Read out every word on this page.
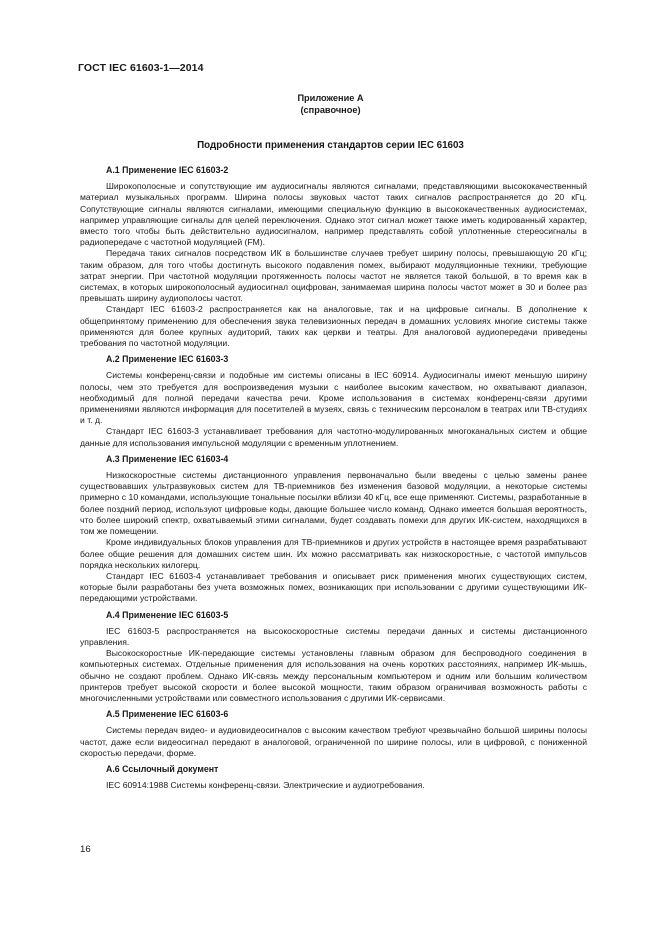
ГОСТ IEC 61603-1—2014
Приложение А
(справочное)
Подробности применения стандартов серии IEC 61603
А.1 Применение IEC 61603-2

Широкополосные и сопутствующие им аудиосигналы являются сигналами, представляющими высококачественный материал музыкальных программ. Ширина полосы звуковых частот таких сигналов распространяется до 20 кГц. Сопутствующие сигналы являются сигналами, имеющими специальную функцию в высококачественных аудиосистемах, например управляющие сигналы для целей переключения. Однако этот сигнал может также иметь кодированный характер, вместо того чтобы быть действительно аудиосигналом, например представлять собой уплотненные стереосигналы в радиопередаче с частотной модуляцией (FM).

Передача таких сигналов посредством ИК в большинстве случаев требует ширину полосы, превышающую 20 кГц; таким образом, для того чтобы достигнуть высокого подавления помех, выбирают модуляционные техники, требующие затрат энергии. При частотной модуляции протяженность полосы частот не является такой большой, в то время как в системах, в которых широкополосный аудиосигнал оцифрован, занимаемая ширина полосы частот может в 30 и более раз превышать ширину аудиополосы частот.

Стандарт IEC 61603-2 распространяется как на аналоговые, так и на цифровые сигналы. В дополнение к общепринятому применению для обеспечения звука телевизионных передач в домашних условиях многие системы также применяются для более крупных аудиторий, таких как церкви и театры. Для аналоговой аудиопередачи приведены требования по частотной модуляции.

А.2 Применение IEC 61603-3

Системы конференц-связи и подобные им системы описаны в IEC 60914. Аудиосигналы имеют меньшую ширину полосы, чем это требуется для воспроизведения музыки с наиболее высоким качеством, но охватывают диапазон, необходимый для полной передачи качества речи. Кроме использования в системах конференц-связи другими применениями являются информация для посетителей в музеях, связь с техническим персоналом в театрах или ТВ-студиях и т. д.

Стандарт IEC 61603-3 устанавливает требования для частотно-модулированных многоканальных систем и общие данные для использования импульсной модуляции с временным уплотнением.

А.3 Применение IEC 61603-4

Низкоскоростные системы дистанционного управления первоначально были введены с целью замены ранее существовавших ультразвуковых систем для ТВ-приемников без изменения базовой модуляции, а некоторые системы примерно с 10 командами, использующие тональные посылки вблизи 40 кГц, все еще применяют. Системы, разработанные в более поздний период, используют цифровые коды, дающие большее число команд. Однако имеется большая вероятность, что более широкий спектр, охватываемый этими сигналами, будет создавать помехи для других ИК-систем, находящихся в том же помещении.

Кроме индивидуальных блоков управления для ТВ-приемников и других устройств в настоящее время разрабатывают более общие решения для домашних систем шин. Их можно рассматривать как низкоскоростные, с частотой импульсов порядка нескольких килогерц.

Стандарт IEC 61603-4 устанавливает требования и описывает риск применения многих существующих систем, которые были разработаны без учета возможных помех, возникающих при использовании с другими существующими ИК-передающими устройствами.

А.4 Применение IEC 61603-5

IEC 61603-5 распространяется на высокоскоростные системы передачи данных и системы дистанционного управления.

Высокоскоростные ИК-передающие системы установлены главным образом для беспроводного соединения в компьютерных системах. Отдельные применения для использования на очень коротких расстояниях, например ИК-мышь, обычно не создают проблем. Однако ИК-связь между персональным компьютером и одним или большим количеством принтеров требует высокой скорости и более высокой мощности, таким образом ограничивая возможность работы с многочисленными устройствами или совместного использования с другими ИК-сервисами.

А.5 Применение IEC 61603-6

Системы передач видео- и аудиовидеосигналов с высоким качеством требуют чрезвычайно большой ширины полосы частот, даже если видеосигнал передают в аналоговой, ограниченной по ширине полосы, или в цифровой, с пониженной скоростью передачи, форме.

А.6 Ссылочный документ

IEC 60914:1988 Системы конференц-связи. Электрические и аудиотребования.

16
